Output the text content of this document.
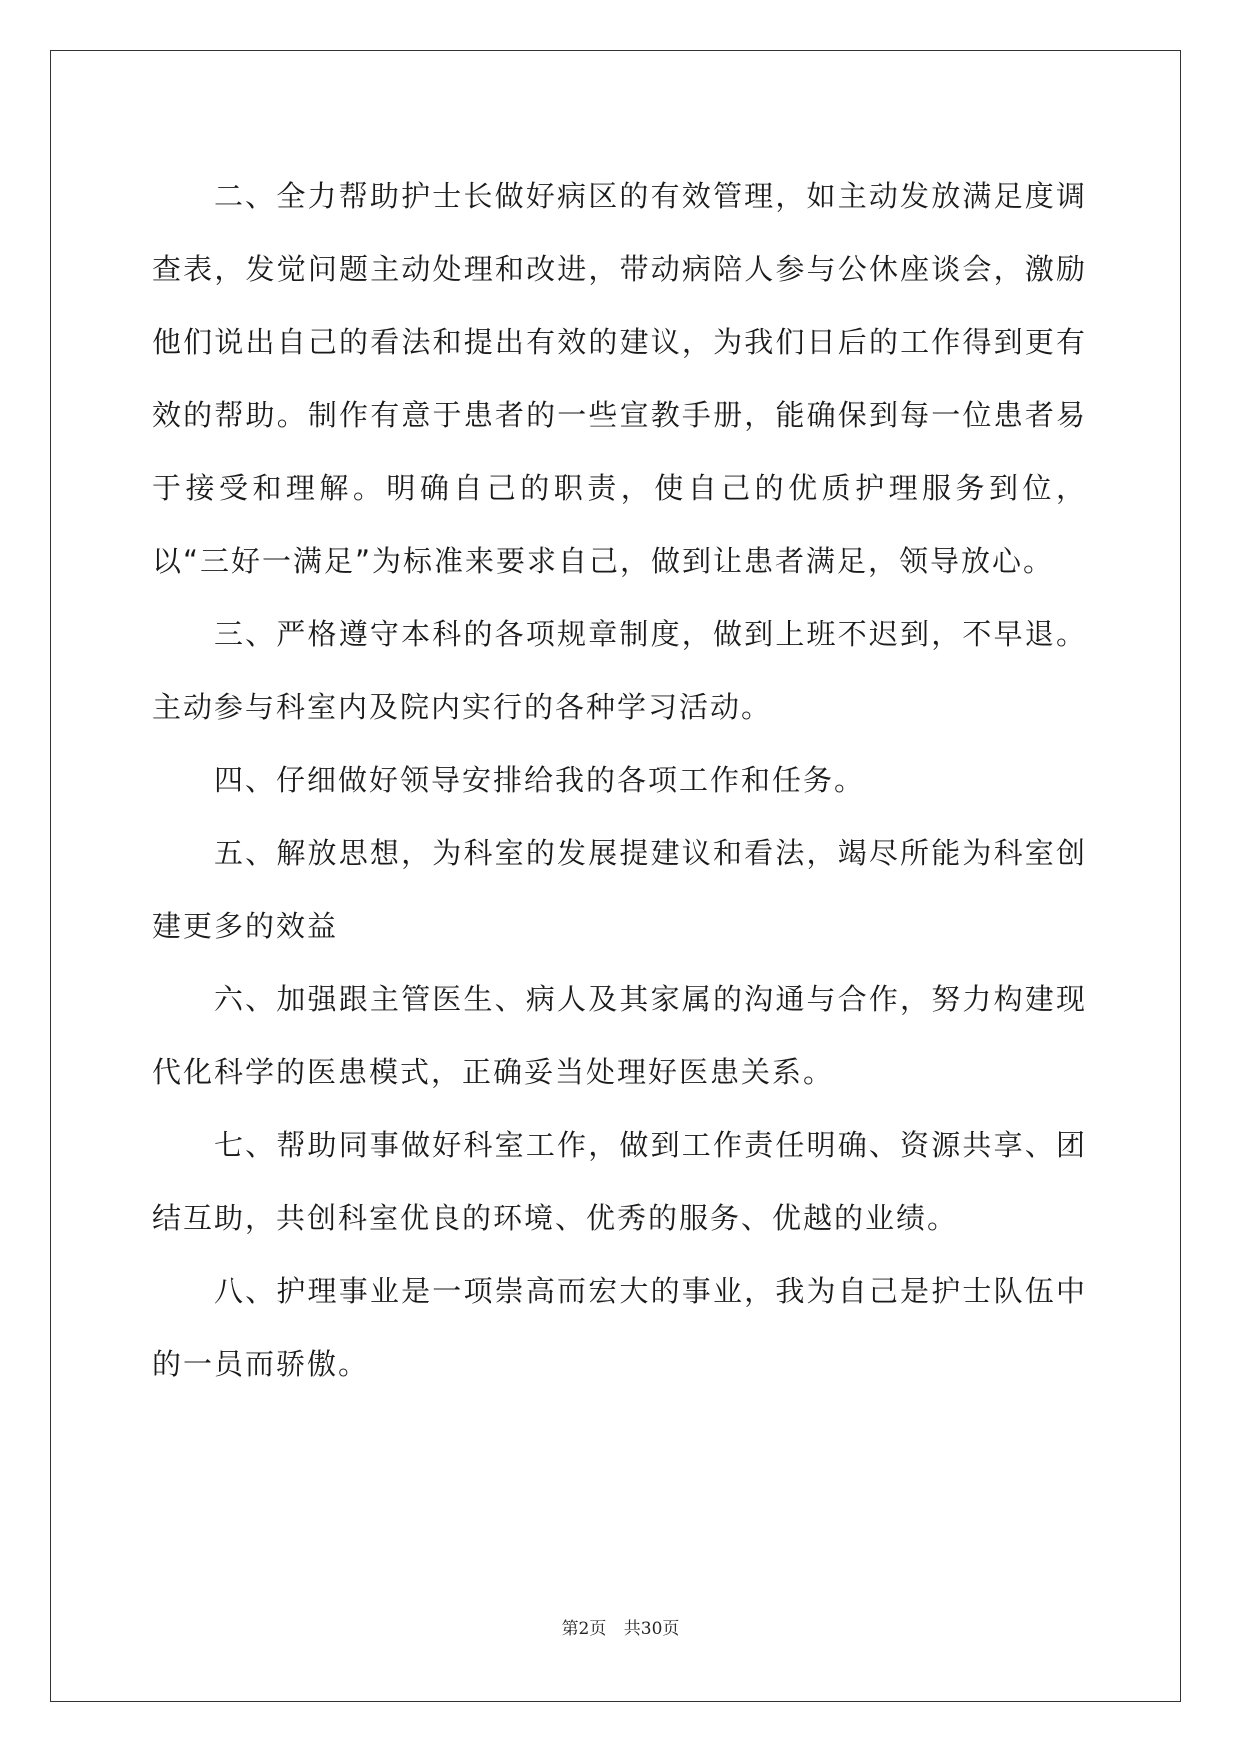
二、全力帮助护士长做好病区的有效管理，如主动发放满足度调查表，发觉问题主动处理和改进，带动病陪人参与公休座谈会，激励他们说出自己的看法和提出有效的建议，为我们日后的工作得到更有效的帮助。制作有意于患者的一些宣教手册，能确保到每一位患者易于接受和理解。明确自己的职责，使自己的优质护理服务到位，以“三好一满足”为标准来要求自己，做到让患者满足，领导放心。

三、严格遵守本科的各项规章制度，做到上班不迟到，不早退。主动参与科室内及院内实行的各种学习活动。

四、仔细做好领导安排给我的各项工作和任务。

五、解放思想，为科室的发展提建议和看法，竭尽所能为科室创建更多的效益

六、加强跟主管医生、病人及其家属的沟通与合作，努力构建现代化科学的医患模式，正确妥当处理好医患关系。

七、帮助同事做好科室工作，做到工作责任明确、资源共享、团结互助，共创科室优良的环境、优秀的服务、优越的业绩。

八、护理事业是一项崇高而宏大的事业，我为自己是护士队伍中的一员而骄傲。

第2页 共30页
